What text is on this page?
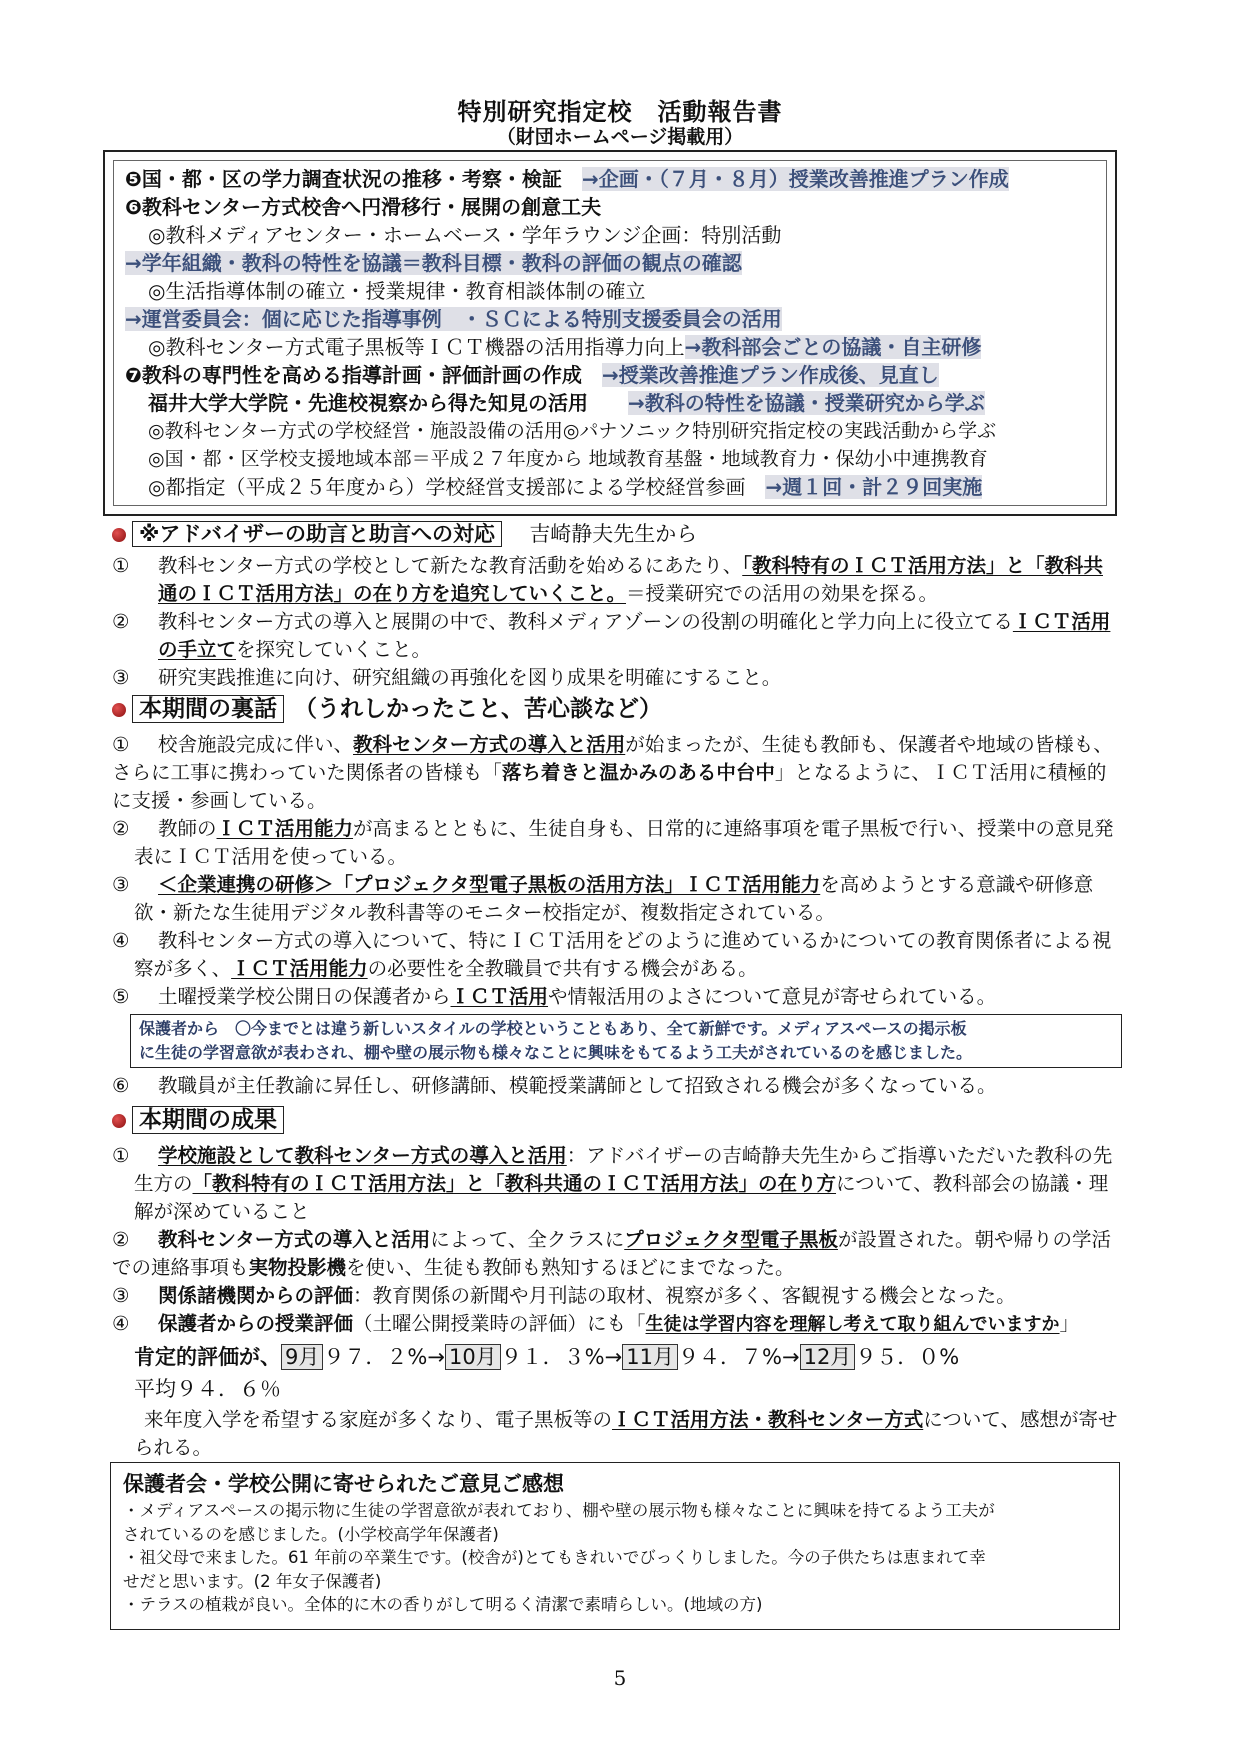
特別研究指定校　活動報告書
（財団ホームページ掲載用）
❺国・都・区の学力調査状況の推移・考察・検証　→企画・（７月・８月）授業改善推進プラン作成
❻教科センター方式校舎へ円滑移行・展開の創意工夫
◎教科メディアセンター・ホームベース・学年ラウンジ企画：特別活動
→学年組織・教科の特性を協議＝教科目標・教科の評価の観点の確認
◎生活指導体制の確立・授業規律・教育相談体制の確立
→運営委員会：個に応じた指導事例　・ＳＣによる特別支援委員会の活用
◎教科センター方式電子黒板等ＩＣＴ機器の活用指導力向上→教科部会ごとの協議・自主研修
❼教科の専門性を高める指導計画・評価計画の作成　→授業改善推進プラン作成後、見直し
福井大学大学院・先進校視察から得た知見の活用　　→教科の特性を協議・授業研究から学ぶ
◎教科センター方式の学校経営・施設設備の活用◎パナソニック特別研究指定校の実践活動から学ぶ
◎国・都・区学校支援地域本部＝平成２７年度から 地域教育基盤・地域教育力・保幼小中連携教育
◎都指定（平成２５年度から）学校経営支援部による学校経営参画　→週１回・計２９回実施
※アドバイザーの助言と助言への対応 吉崎静夫先生から
① 教科センター方式の学校として新たな教育活動を始めるにあたり、「教科特有のＩＣＴ活用方法」と「教科共通のＩＣＴ活用方法」の在り方を追究していくこと。＝授業研究での活用の効果を探る。
② 教科センター方式の導入と展開の中で、教科メディアゾーンの役割の明確化と学力向上に役立てるＩＣＴ活用の手立てを探究していくこと。
③ 研究実践推進に向け、研究組織の再強化を図り成果を明確にすること。
本期間の裏話 （うれしかったこと、苦心談など）
①	校舎施設完成に伴い、教科センター方式の導入と活用が始まったが、生徒も教師も、保護者や地域の皆様も、さらに工事に携わっていた関係者の皆様も「落ち着きと温かみのある中台中」となるように、ＩＣＴ活用に積極的に支援・参画している。
②	教師のＩＣＴ活用能力が高まるとともに、生徒自身も、日常的に連絡事項を電子黒板で行い、授業中の意見発表にＩＣＴ活用を使っている。
③	＜企業連携の研修＞「プロジェクタ型電子黒板の活用方法」ＩＣＴ活用能力を高めようとする意識や研修意欲・新たな生徒用デジタル教科書等のモニター校指定が、複数指定されている。
④	教科センター方式の導入について、特にＩＣＴ活用をどのように進めているかについての教育関係者による視察が多く、ＩＣＴ活用能力の必要性を全教職員で共有する機会がある。
⑤ 土曜授業学校公開日の保護者からＩＣＴ活用や情報活用のよさについて意見が寄せられている。
保護者から　〇今までとは違う新しいスタイルの学校ということもあり、全て新鮮です。メディアスペースの掲示板
に生徒の学習意欲が表わされ、棚や壁の展示物も様々なことに興味をもてるよう工夫がされているのを感じました。
⑥ 教職員が主任教諭に昇任し、研修講師、模範授業講師として招致される機会が多くなっている。
本期間の成果
①	学校施設として教科センター方式の導入と活用：アドバイザーの吉崎静夫先生からご指導いただいた教科の先生方の「教科特有のＩＣＴ活用方法」と「教科共通のＩＣＴ活用方法」の在り方について、教科部会の協議・理解が深めていること
②	教科センター方式の導入と活用によって、全クラスにプロジェクタ型電子黒板が設置された。朝や帰りの学活での連絡事項も実物投影機を使い、生徒も教師も熟知するほどにまでなった。
③ 関係諸機関からの評価：教育関係の新聞や月刊誌の取材、視察が多く、客観視する機会となった。
④ 保護者からの授業評価（土曜公開授業時の評価）にも「生徒は学習内容を理解し考えて取り組んでいますか」
肯定的評価が、 9月 ９７．２%→ 10月 ９１．３%→ 11月 ９４．７%→ 12月 ９５．０%
平均９４．６％
来年度入学を希望する家庭が多くなり、電子黒板等のＩＣＴ活用方法・教科センター方式について、感想が寄せられる。
保護者会・学校公開に寄せられたご意見ご感想
・メディアスペースの掲示物に生徒の学習意欲が表れており、棚や壁の展示物も様々なことに興味を持てるよう工夫が
されているのを感じました。(小学校高学年保護者)
・祖父母で来ました。61 年前の卒業生です。(校舎が)とてもきれいでびっくりしました。今の子供たちは恵まれて幸
せだと思います。(2 年女子保護者)
・テラスの植栽が良い。全体的に木の香りがして明るく清潔で素晴らしい。(地域の方)
5
